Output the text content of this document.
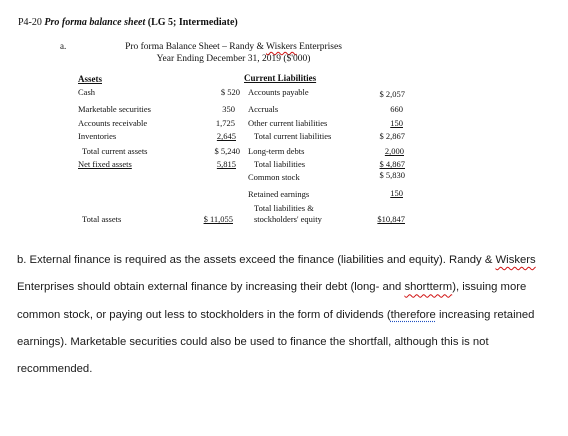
P4-20 Pro forma balance sheet (LG 5; Intermediate)
a.	Pro forma Balance Sheet – Randy & Wiskers Enterprises
Year Ending December 31, 2019 ($'000)
Assets	Current Liabilities
Cash
Marketable securities
Accounts receivable
Inventories
Total current assets
Net fixed assets
Total assets
$ 520
350
1,725
2,645
$ 5,240
5,815
$ 11,055
Accounts payable
Accruals
Other current liabilities
Total current liabilities
Long-term debts
Total liabilities
Common stock
Retained earnings
Total liabilities &
stockholders' equity
$ 2,057
660
150
$ 2,867
2,000
$ 4,867
$ 5,830
150
$10,847
b. External finance is required as the assets exceed the finance (liabilities and equity). Randy & Wiskers Enterprises should obtain external finance by increasing their debt (long- and shortterm), issuing more common stock, or paying out less to stockholders in the form of dividends (therefore increasing retained earnings). Marketable securities could also be used to finance the shortfall, although this is not recommended.
